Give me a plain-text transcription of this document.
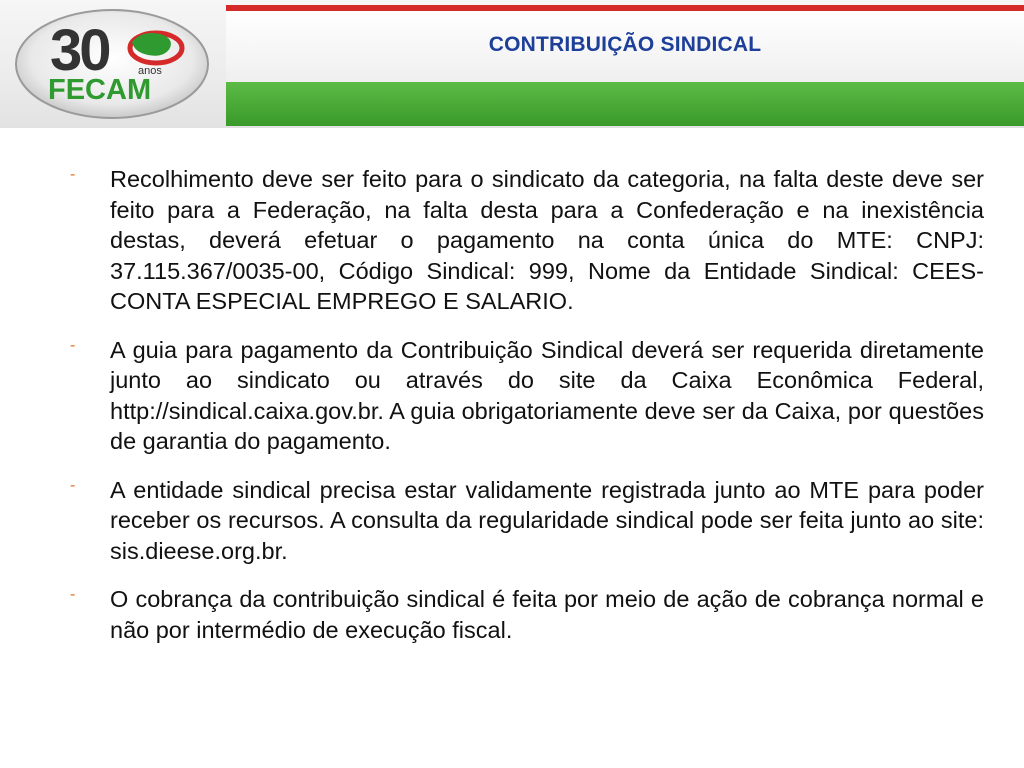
CONTRIBUIÇÃO SINDICAL
30	anos
FECAM
- Recolhimento deve ser feito para o sindicato da categoria, na falta deste deve ser feito para a Federação, na falta desta para a Confederação e na inexistência destas, deverá efetuar o pagamento na conta única do MTE: CNPJ: 37.115.367/0035-00, Código Sindical: 999, Nome da Entidade Sindical: CEES-CONTA ESPECIAL EMPREGO E SALARIO.

- A guia para pagamento da Contribuição Sindical deverá ser requerida diretamente junto ao sindicato ou através do site da Caixa Econômica Federal, http://sindical.caixa.gov.br. A guia obrigatoriamente deve ser da Caixa, por questões de garantia do pagamento.

- A entidade sindical precisa estar validamente registrada junto ao MTE para poder receber os recursos. A consulta da regularidade sindical pode ser feita junto ao site: sis.dieese.org.br.

- O cobrança da contribuição sindical é feita por meio de ação de cobrança normal e não por intermédio de execução fiscal.
